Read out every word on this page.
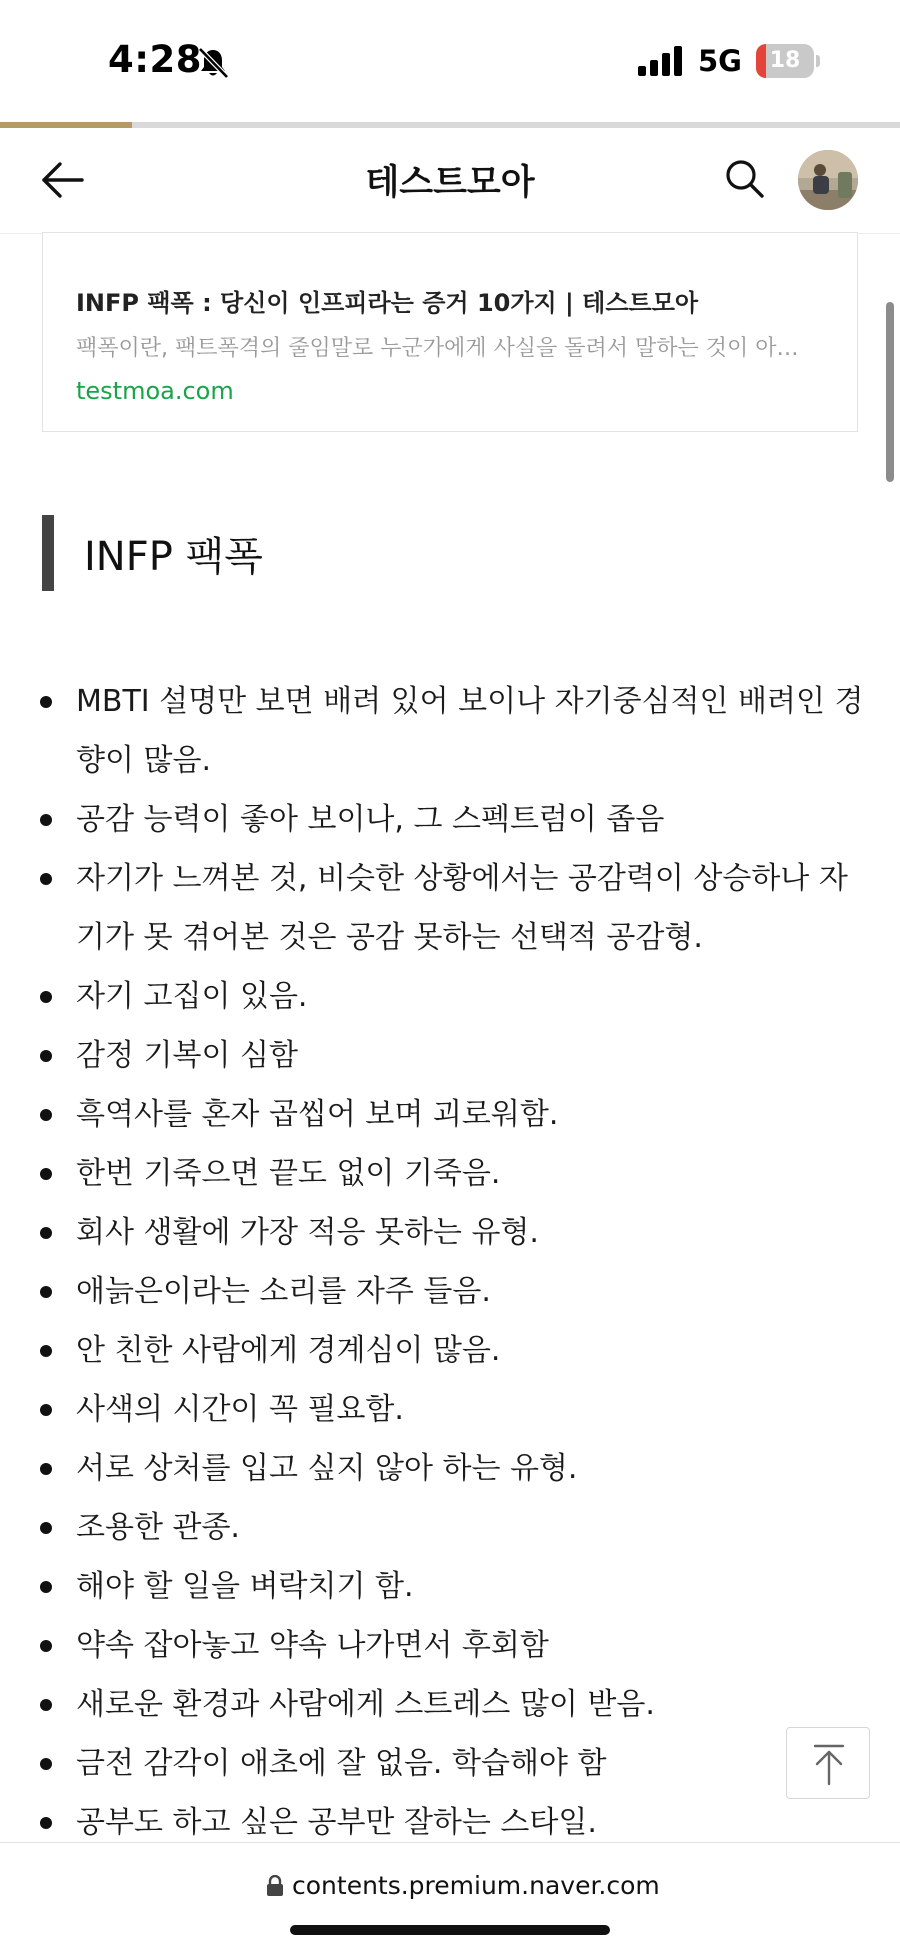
4:28	5G	18
테스트모아
INFP 팩폭 : 당신이 인프피라는 증거 10가지 | 테스트모아
팩폭이란, 팩트폭격의 줄임말로 누군가에게 사실을 돌려서 말하는 것이 아…
testmoa.com
INFP 팩폭
MBTI 설명만 보면 배려 있어 보이나 자기중심적인 배려인 경향이 많음.
공감 능력이 좋아 보이나, 그 스펙트럼이 좁음
자기가 느껴본 것, 비슷한 상황에서는 공감력이 상승하나 자기가 못 겪어본 것은 공감 못하는 선택적 공감형.
자기 고집이 있음.
감정 기복이 심함
흑역사를 혼자 곱씹어 보며 괴로워함.
한번 기죽으면 끝도 없이 기죽음.
회사 생활에 가장 적응 못하는 유형.
애늙은이라는 소리를 자주 들음.
안 친한 사람에게 경계심이 많음.
사색의 시간이 꼭 필요함.
서로 상처를 입고 싶지 않아 하는 유형.
조용한 관종.
해야 할 일을 벼락치기 함.
약속 잡아놓고 약속 나가면서 후회함
새로운 환경과 사람에게 스트레스 많이 받음.
금전 감각이 애초에 잘 없음. 학습해야 함
공부도 하고 싶은 공부만 잘하는 스타일.
contents.premium.naver.com
